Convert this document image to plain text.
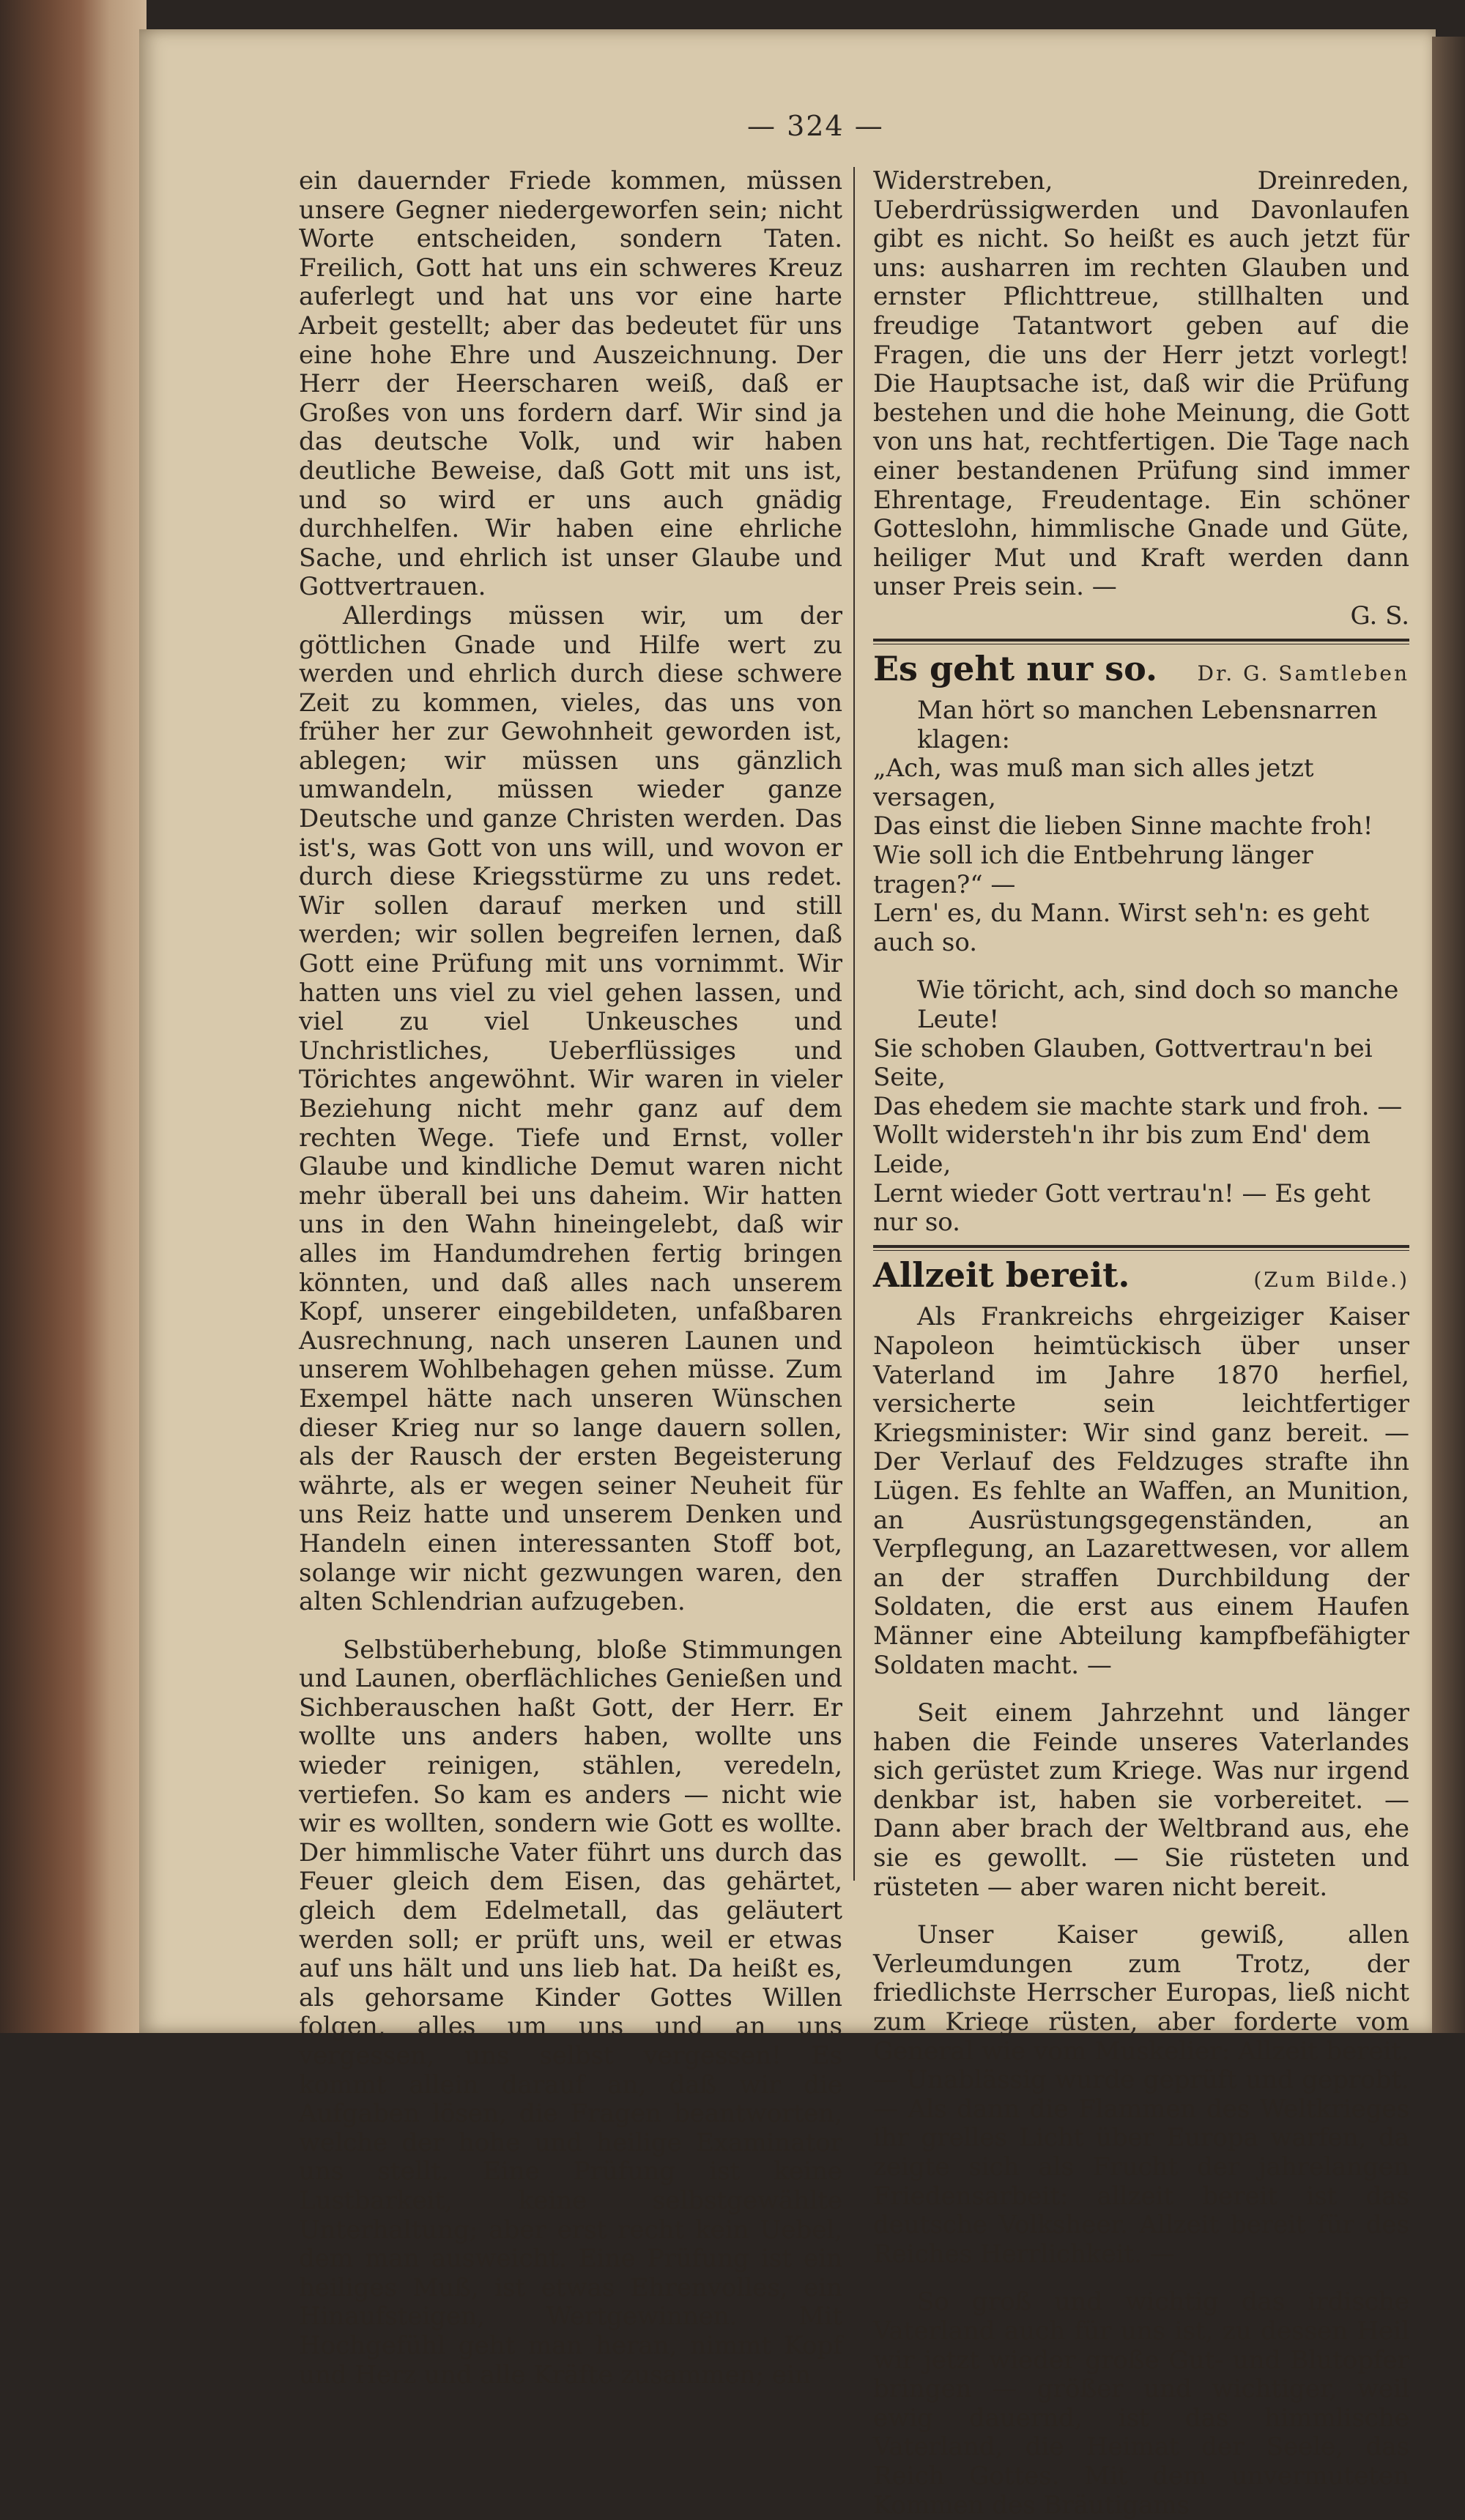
— 324 —

ein dauernder Friede kommen, müssen unsere Gegner niedergeworfen sein; nicht Worte entscheiden, sondern Taten. Freilich, Gott hat uns ein schweres Kreuz auferlegt und hat uns vor eine harte Arbeit gestellt; aber das bedeutet für uns eine hohe Ehre und Auszeichnung. Der Herr der Heerscharen weiß, daß er Großes von uns fordern darf. Wir sind ja das deutsche Volk, und wir haben deutliche Beweise, daß Gott mit uns ist, und so wird er uns auch gnädig durchhelfen. Wir haben eine ehrliche Sache, und ehrlich ist unser Glaube und Gottvertrauen.

Allerdings müssen wir, um der göttlichen Gnade und Hilfe wert zu werden und ehrlich durch diese schwere Zeit zu kommen, vieles, das uns von früher her zur Gewohnheit geworden ist, ablegen; wir müssen uns gänzlich umwandeln, müssen wieder ganze Deutsche und ganze Christen werden. Das ist's, was Gott von uns will, und wovon er durch diese Kriegsstürme zu uns redet. Wir sollen darauf merken und still werden; wir sollen begreifen lernen, daß Gott eine Prüfung mit uns vornimmt. Wir hatten uns viel zu viel gehen lassen, und viel zu viel Unkeusches und Unchristliches, Ueberflüssiges und Törichtes angewöhnt. Wir waren in vieler Beziehung nicht mehr ganz auf dem rechten Wege. Tiefe und Ernst, voller Glaube und kindliche Demut waren nicht mehr überall bei uns daheim. Wir hatten uns in den Wahn hineingelebt, daß wir alles im Handumdrehen fertig bringen könnten, und daß alles nach unserem Kopf, unserer eingebildeten, unfaßbaren Ausrechnung, nach unseren Launen und unserem Wohlbehagen gehen müsse. Zum Exempel hätte nach unseren Wünschen dieser Krieg nur so lange dauern sollen, als der Rausch der ersten Begeisterung währte, als er wegen seiner Neuheit für uns Reiz hatte und unserem Denken und Handeln einen interessanten Stoff bot, solange wir nicht gezwungen waren, den alten Schlendrian aufzugeben.

Selbstüberhebung, bloße Stimmungen und Launen, oberflächliches Genießen und Sichberauschen haßt Gott, der Herr. Er wollte uns anders haben, wollte uns wieder reinigen, stählen, veredeln, vertiefen. So kam es anders — nicht wie wir es wollten, sondern wie Gott es wollte. Der himmlische Vater führt uns durch das Feuer gleich dem Eisen, das gehärtet, gleich dem Edelmetall, das geläutert werden soll; er prüft uns, weil er etwas auf uns hält und uns lieb hat. Da heißt es, als gehorsame Kinder Gottes Willen folgen, alles um uns und an uns vergessen, uns selbst vergessen! Es kommt allein darauf an, daß wir die Aufgaben lösen, die Fragen beantworten, welche der hohe und heilige Examinator uns stellt. Eine Prüfung ist keine Lustbarkeit, keine selbstgewählte Unterhaltung; aber erst recht kein Uebel, dem man ausweicht. Eine Prüfung ist ein heiliges Muß, ist etwas Ehrenvolles, ein Hinaufsteigen, Wertgewinnen. Mit Hochgefühl geht man heran, nimmt Kopf und Herz und alle Kräfte zusammen; ein

Widerstreben, Dreinreden, Ueberdrüssigwerden und Davonlaufen gibt es nicht. So heißt es auch jetzt für uns: ausharren im rechten Glauben und ernster Pflichttreue, stillhalten und freudige Tatantwort geben auf die Fragen, die uns der Herr jetzt vorlegt! Die Hauptsache ist, daß wir die Prüfung bestehen und die hohe Meinung, die Gott von uns hat, rechtfertigen. Die Tage nach einer bestandenen Prüfung sind immer Ehrentage, Freudentage. Ein schöner Gotteslohn, himmlische Gnade und Güte, heiliger Mut und Kraft werden dann unser Preis sein. —

G. S.

Es geht nur so. Dr. G. Samtleben

Man hört so manchen Lebensnarren klagen:

„Ach, was muß man sich alles jetzt versagen,

Das einst die lieben Sinne machte froh!

Wie soll ich die Entbehrung länger tragen?“ —

Lern' es, du Mann. Wirst seh'n: es geht auch so.

Wie töricht, ach, sind doch so manche Leute!

Sie schoben Glauben, Gottvertrau'n bei Seite,

Das ehedem sie machte stark und froh. —

Wollt widersteh'n ihr bis zum End' dem Leide,

Lernt wieder Gott vertrau'n! — Es geht nur so.

Allzeit bereit.	(Zum Bilde.)

Als Frankreichs ehrgeiziger Kaiser Napoleon heimtückisch über unser Vaterland im Jahre 1870 herfiel, versicherte sein leichtfertiger Kriegsminister: Wir sind ganz bereit. — Der Verlauf des Feldzuges strafte ihn Lügen. Es fehlte an Waffen, an Munition, an Ausrüstungsgegenständen, an Verpflegung, an Lazarettwesen, vor allem an der straffen Durchbildung der Soldaten, die erst aus einem Haufen Männer eine Abteilung kampfbefähigter Soldaten macht. —

Seit einem Jahrzehnt und länger haben die Feinde unseres Vaterlandes sich gerüstet zum Kriege. Was nur irgend denkbar ist, haben sie vorbereitet. — Dann aber brach der Weltbrand aus, ehe sie es gewollt. — Sie rüsteten und rüsteten — aber waren nicht bereit.

Unser Kaiser gewiß, allen Verleumdungen zum Trotz, der friedlichste Herrscher Europas, ließ nicht zum Kriege rüsten, aber forderte vom General wie vom Muskelier: Allzeit bereit. — Unablässig wurde geprüft und geprobt. — Als dann die Flammen des Weltkrieges ihr grelles Licht über Europa warfen, da zeigte sich als Frucht der jahrelangen Friedensarbeit: allzeit bereit ist das deutsche Volksheer. Allzeit bereit für des Reiches Herrlichkeit. —

So groß und wichtig das irdische Vaterland auch für uns ist, zu dessen Heil wir jetzt wieder große Gut- und Blutopfer bringen — größer und wichtiger, weil ewig dauernd, ist das himmlische Vaterland, die Heimat der Seele, das Reich Gottes. Mit dem unvermuteten Kommen des Bräutigams
